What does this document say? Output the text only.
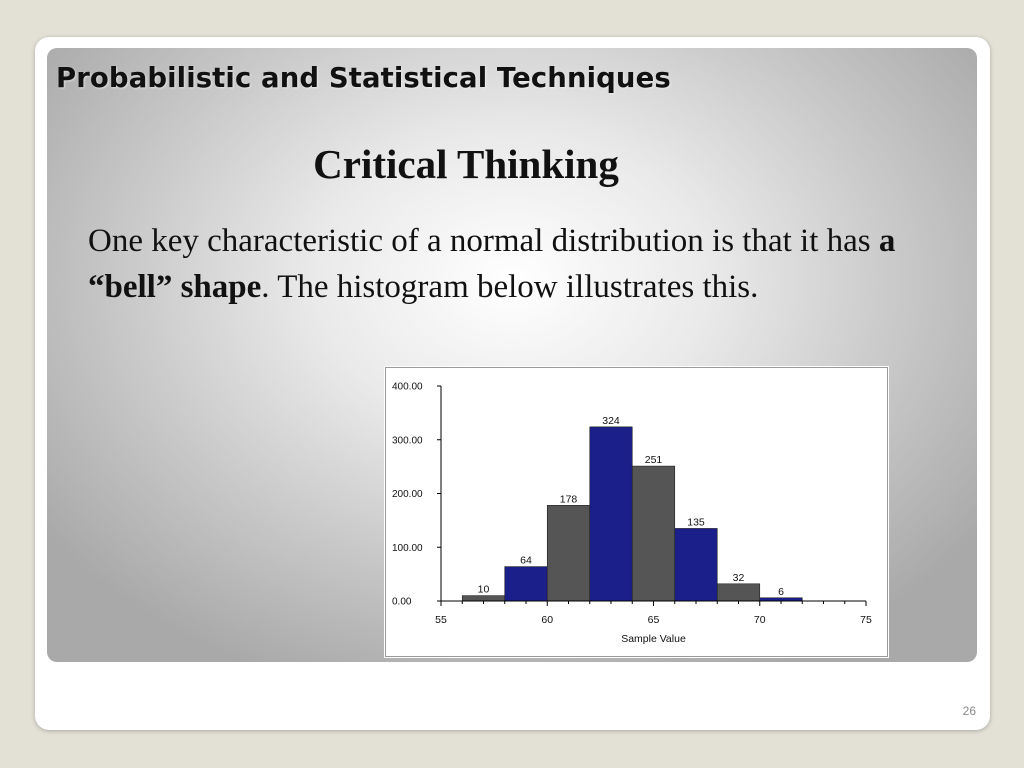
Probabilistic and Statistical Techniques
Critical Thinking

One key characteristic of a normal distribution is that it has a “bell” shape. The histogram below illustrates this.

10
64
178
324
251
135
32
6
0.00
100.00
200.00
300.00
400.00
55	60	65	70	75
Sample Value
26
